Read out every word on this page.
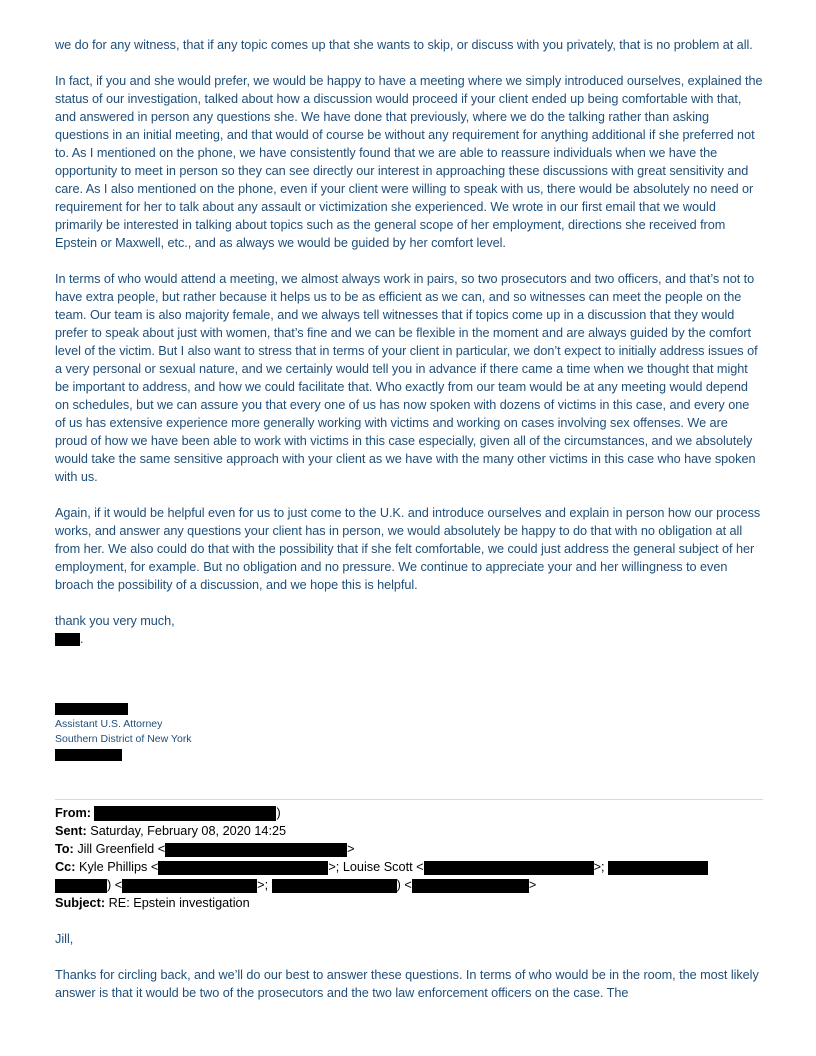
we do for any witness, that if any topic comes up that she wants to skip, or discuss with you privately, that is no problem at all.

In fact, if you and she would prefer, we would be happy to have a meeting where we simply introduced ourselves, explained the status of our investigation, talked about how a discussion would proceed if your client ended up being comfortable with that, and answered in person any questions she. We have done that previously, where we do the talking rather than asking questions in an initial meeting, and that would of course be without any requirement for anything additional if she preferred not to. As I mentioned on the phone, we have consistently found that we are able to reassure individuals when we have the opportunity to meet in person so they can see directly our interest in approaching these discussions with great sensitivity and care. As I also mentioned on the phone, even if your client were willing to speak with us, there would be absolutely no need or requirement for her to talk about any assault or victimization she experienced. We wrote in our first email that we would primarily be interested in talking about topics such as the general scope of her employment, directions she received from Epstein or Maxwell, etc., and as always we would be guided by her comfort level.

In terms of who would attend a meeting, we almost always work in pairs, so two prosecutors and two officers, and that’s not to have extra people, but rather because it helps us to be as efficient as we can, and so witnesses can meet the people on the team. Our team is also majority female, and we always tell witnesses that if topics come up in a discussion that they would prefer to speak about just with women, that’s fine and we can be flexible in the moment and are always guided by the comfort level of the victim. But I also want to stress that in terms of your client in particular, we don’t expect to initially address issues of a very personal or sexual nature, and we certainly would tell you in advance if there came a time when we thought that might be important to address, and how we could facilitate that. Who exactly from our team would be at any meeting would depend on schedules, but we can assure you that every one of us has now spoken with dozens of victims in this case, and every one of us has extensive experience more generally working with victims and working on cases involving sex offenses. We are proud of how we have been able to work with victims in this case especially, given all of the circumstances, and we absolutely would take the same sensitive approach with your client as we have with the many other victims in this case who have spoken with us.

Again, if it would be helpful even for us to just come to the U.K. and introduce ourselves and explain in person how our process works, and answer any questions your client has in person, we would absolutely be happy to do that with no obligation at all from her. We also could do that with the possibility that if she felt comfortable, we could just address the general subject of her employment, for example. But no obligation and no pressure. We continue to appreciate your and her willingness to even broach the possibility of a discussion, and we hope this is helpful.

thank you very much,

.
Assistant U.S. Attorney
Southern District of New York
From:	)
Sent: Saturday, February 08, 2020 14:25
To: Jill Greenfield <	>
Cc: Kyle Phillips <	>; Louise Scott <	>;
) <	>;	) <	>
Subject: RE: Epstein investigation
Jill,

Thanks for circling back, and we’ll do our best to answer these questions. In terms of who would be in the room, the most likely answer is that it would be two of the prosecutors and the two law enforcement officers on the case. The
